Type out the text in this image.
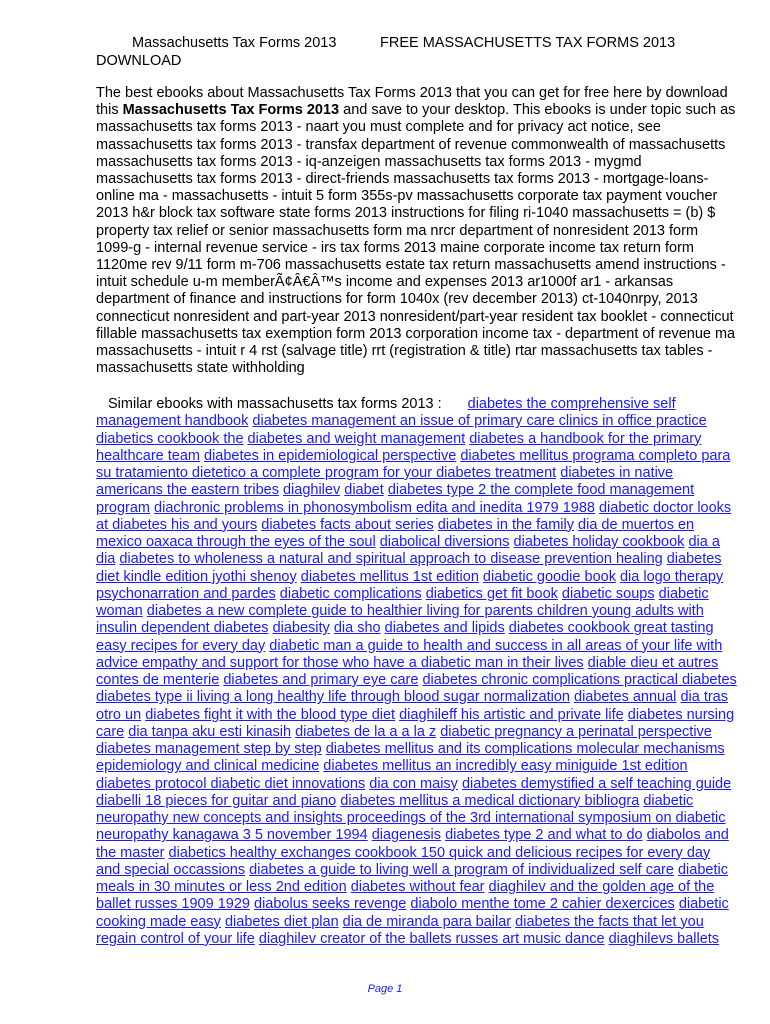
Massachusetts Tax Forms 2013	FREE MASSACHUSETTS TAX FORMS 2013
DOWNLOAD
The best ebooks about Massachusetts Tax Forms 2013 that you can get for free here by download this Massachusetts Tax Forms 2013 and save to your desktop. This ebooks is under topic such as massachusetts tax forms 2013 - naart you must complete and for privacy act notice, see massachusetts tax forms 2013 - transfax department of revenue commonwealth of massachusetts massachusetts tax forms 2013 - iq-anzeigen massachusetts tax forms 2013 - mygmd massachusetts tax forms 2013 - direct-friends massachusetts tax forms 2013 - mortgage-loans-online ma - massachusetts - intuit 5 form 355s-pv massachusetts corporate tax payment voucher 2013 h&r block tax software state forms 2013 instructions for filing ri-1040 massachusetts = (b) $ property tax relief or senior massachusetts form ma nrcr department of nonresident 2013 form 1099-g - internal revenue service - irs tax forms 2013 maine corporate income tax return form 1120me rev 9/11 form m-706 massachusetts estate tax return massachusetts amend instructions - intuit schedule u-m memberÃ¢Â€Â™s income and expenses 2013 ar1000f ar1 - arkansas department of finance and instructions for form 1040x (rev december 2013) ct-1040nrpy, 2013 connecticut nonresident and part-year 2013 nonresident/part-year resident tax booklet - connecticut fillable massachusetts tax exemption form 2013 corporation income tax - department of revenue ma massachusetts - intuit r 4 rst (salvage title) rrt (registration & title) rtar massachusetts tax tables - massachusetts state withholding
Similar ebooks with massachusetts tax forms 2013 : diabetes the comprehensive self management handbook diabetes management an issue of primary care clinics in office practice diabetics cookbook the diabetes and weight management diabetes a handbook for the primary healthcare team diabetes in epidemiological perspective diabetes mellitus programa completo para su tratamiento dietetico a complete program for your diabetes treatment diabetes in native americans the eastern tribes diaghilev diabet diabetes type 2 the complete food management program diachronic problems in phonosymbolism edita and inedita 1979 1988 diabetic doctor looks at diabetes his and yours diabetes facts about series diabetes in the family dia de muertos en mexico oaxaca through the eyes of the soul diabolical diversions diabetes holiday cookbook dia a dia diabetes to wholeness a natural and spiritual approach to disease prevention healing diabetes diet kindle edition jyothi shenoy diabetes mellitus 1st edition diabetic goodie book dia logo therapy psychonarration and pardes diabetic complications diabetics get fit book diabetic soups diabetic woman diabetes a new complete guide to healthier living for parents children young adults with insulin dependent diabetes diabesity dia sho diabetes and lipids diabetes cookbook great tasting easy recipes for every day diabetic man a guide to health and success in all areas of your life with advice empathy and support for those who have a diabetic man in their lives diable dieu et autres contes de menterie diabetes and primary eye care diabetes chronic complications practical diabetes diabetes type ii living a long healthy life through blood sugar normalization diabetes annual dia tras otro un diabetes fight it with the blood type diet diaghileff his artistic and private life diabetes nursing care dia tanpa aku esti kinasih diabetes de la a a la z diabetic pregnancy a perinatal perspective diabetes management step by step diabetes mellitus and its complications molecular mechanisms epidemiology and clinical medicine diabetes mellitus an incredibly easy miniguide 1st edition diabetes protocol diabetic diet innovations dia con maisy diabetes demystified a self teaching guide diabelli 18 pieces for guitar and piano diabetes mellitus a medical dictionary bibliogra diabetic neuropathy new concepts and insights proceedings of the 3rd international symposium on diabetic neuropathy kanagawa 3 5 november 1994 diagenesis diabetes type 2 and what to do diabolos and the master diabetics healthy exchanges cookbook 150 quick and delicious recipes for every day and special occassions diabetes a guide to living well a program of individualized self care diabetic meals in 30 minutes or less 2nd edition diabetes without fear diaghilev and the golden age of the ballet russes 1909 1929 diabolus seeks revenge diabolo menthe tome 2 cahier dexercices diabetic cooking made easy diabetes diet plan dia de miranda para bailar diabetes the facts that let you regain control of your life diaghilev creator of the ballets russes art music dance diaghilevs ballets
Page 1
